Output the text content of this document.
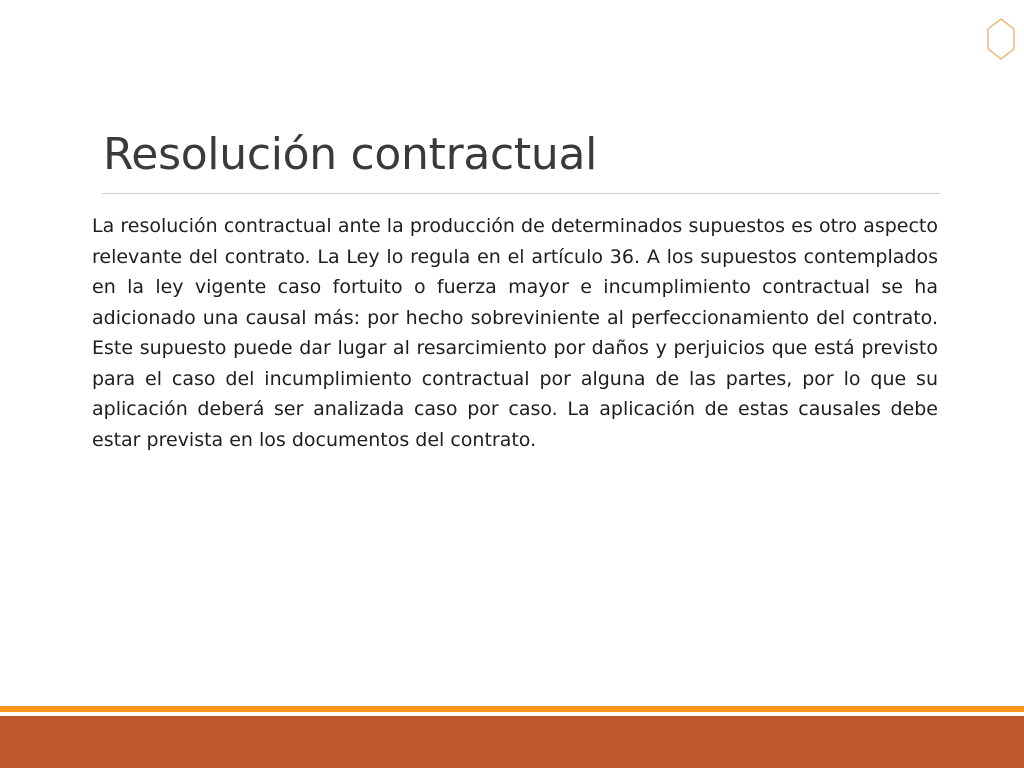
Resolución contractual

La resolución contractual ante la producción de determinados supuestos es otro aspecto relevante del contrato. La Ley lo regula en el artículo 36. A los supuestos contemplados en la ley vigente caso fortuito o fuerza mayor e incumplimiento contractual se ha adicionado una causal más: por hecho sobreviniente al perfeccionamiento del contrato. Este supuesto puede dar lugar al resarcimiento por daños y perjuicios que está previsto para el caso del incumplimiento contractual por alguna de las partes, por lo que su aplicación deberá ser analizada caso por caso. La aplicación de estas causales debe estar prevista en los documentos del contrato.
